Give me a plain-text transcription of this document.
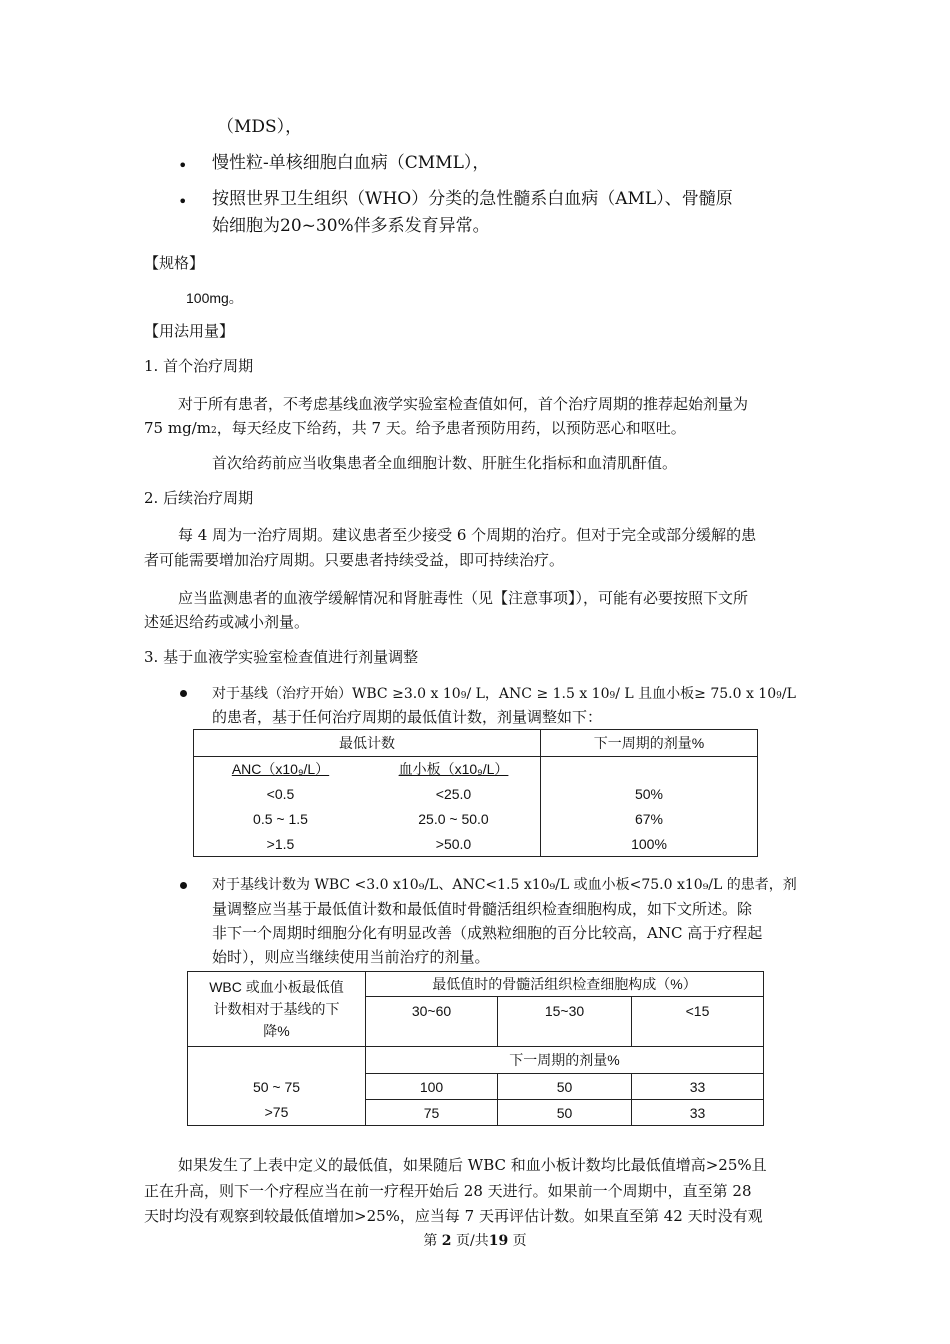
（MDS），
• 慢性粒-单核细胞白血病（CMML），
• 按照世界卫生组织（WHO）分类的急性髓系白血病（AML）、骨髓原
始细胞为20~30%伴多系发育异常。
【规格】
100mg。
【用法用量】
1. 首个治疗周期
对于所有患者，不考虑基线血液学实验室检查值如何，首个治疗周期的推荐起始剂量为
75 mg/m2，每天经皮下给药，共 7 天。给予患者预防用药，以预防恶心和呕吐。
首次给药前应当收集患者全血细胞计数、肝脏生化指标和血清肌酐值。
2. 后续治疗周期
每 4 周为一治疗周期。建议患者至少接受 6 个周期的治疗。但对于完全或部分缓解的患
者可能需要增加治疗周期。只要患者持续受益，即可持续治疗。
应当监测患者的血液学缓解情况和肾脏毒性（见【注意事项】），可能有必要按照下文所
述延迟给药或减小剂量。
3. 基于血液学实验室检查值进行剂量调整
对于基线（治疗开始）WBC ≥3.0 x 109/ L，ANC ≥ 1.5 x 109/ L 且血小板≥ 75.0 x 109/L
的患者，基于任何治疗周期的最低值计数，剂量调整如下：
最低计数		下一周期的剂量%
ANC（x10₉/L）	血小板（x10₉/L）	
<0.5	<25.0	50%
0.5 ~ 1.5	25.0 ~ 50.0	67%
>1.5	>50.0	100%
对于基线计数为 WBC <3.0 x10₉/L、ANC<1.5 x10₉/L 或血小板<75.0 x10₉/L 的患者，剂
量调整应当基于最低值计数和最低值时骨髓活组织检查细胞构成，如下文所述。除
非下一个周期时细胞分化有明显改善（成熟粒细胞的百分比较高，ANC 高于疗程起
始时），则应当继续使用当前治疗的剂量。
WBC 或血小板最低值
计数相对于基线的下
降%	最低值时的骨髓活组织检查细胞构成（%）		
	30~60	15~30	<15
	下一周期的剂量%		
50 ~ 75	100	50	33
>75	75	50	33
如果发生了上表中定义的最低值，如果随后 WBC 和血小板计数均比最低值增高>25%且
正在升高，则下一个疗程应当在前一疗程开始后 28 天进行。如果前一个周期中，直至第 28
天时均没有观察到较最低值增加>25%，应当每 7 天再评估计数。如果直至第 42 天时没有观
第 2 页/共19 页
